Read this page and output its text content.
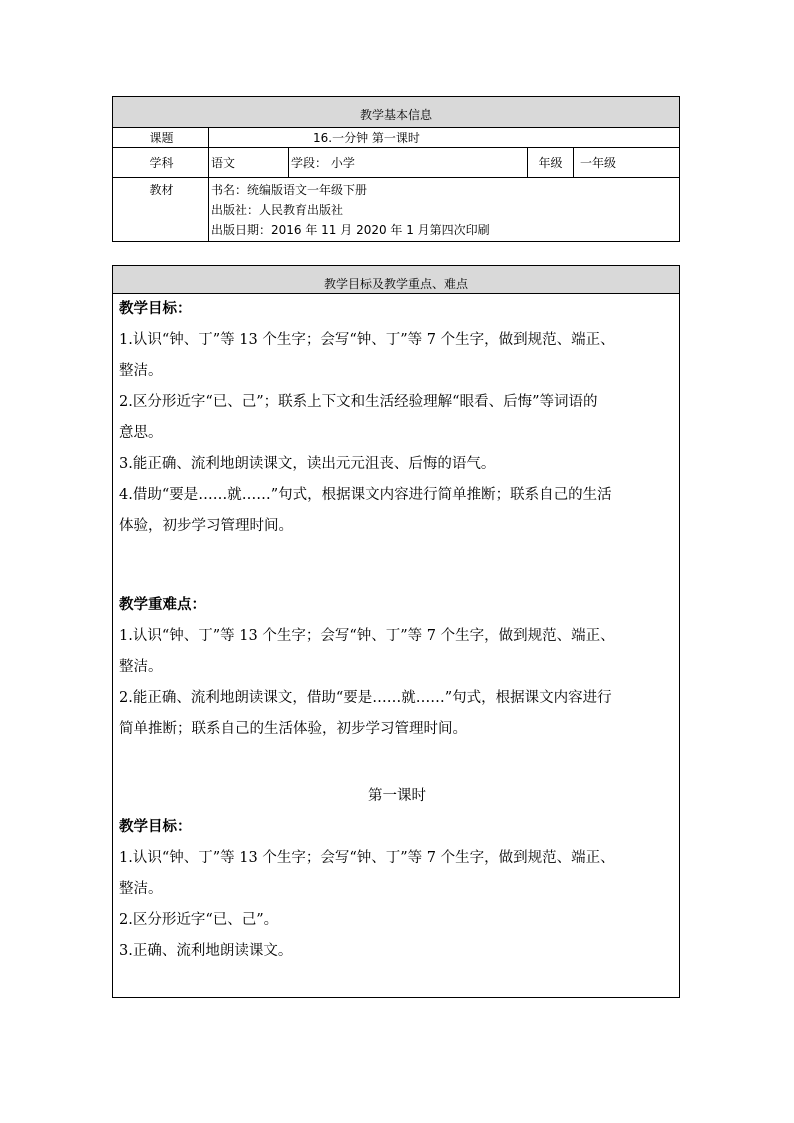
教学基本信息
课题	16.一分钟 第一课时
学科	语文	学段： 小学	年级	一年级
教材	书名：统编版语文一年级下册
出版社：人民教育出版社
出版日期：2016 年 11 月 2020 年 1 月第四次印刷
教学目标及教学重点、难点

教学目标：

1.认识“钟、丁”等 13 个生字；会写“钟、丁”等 7 个生字，做到规范、端正、

整洁。

2.区分形近字“已、己”；联系上下文和生活经验理解“眼看、后悔”等词语的

意思。

3.能正确、流利地朗读课文，读出元元沮丧、后悔的语气。

4.借助“要是……就……”句式，根据课文内容进行简单推断；联系自己的生活

体验，初步学习管理时间。

教学重难点：

1.认识“钟、丁”等 13 个生字；会写“钟、丁”等 7 个生字，做到规范、端正、

整洁。

2.能正确、流利地朗读课文，借助“要是……就……”句式，根据课文内容进行

简单推断；联系自己的生活体验，初步学习管理时间。

第一课时

教学目标：

1.认识“钟、丁”等 13 个生字；会写“钟、丁”等 7 个生字，做到规范、端正、

整洁。

2.区分形近字“已、己”。

3.正确、流利地朗读课文。
